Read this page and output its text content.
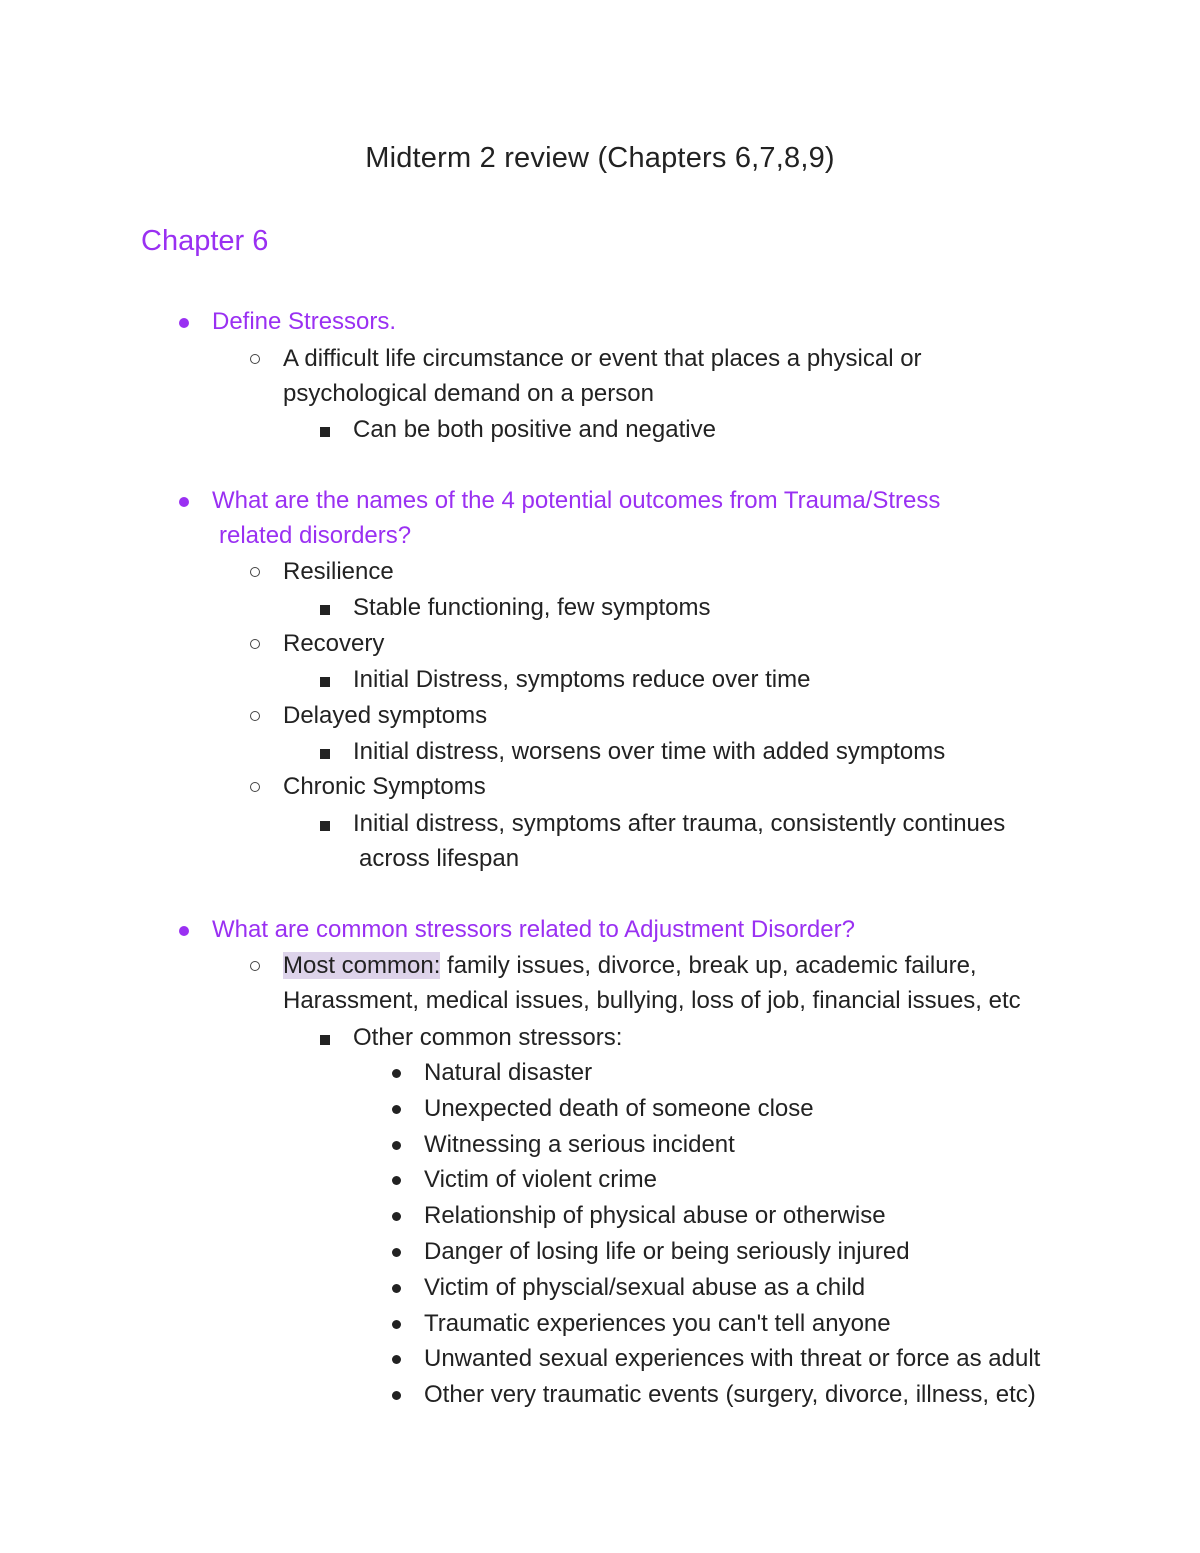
Midterm 2 review (Chapters 6,7,8,9)
Chapter 6
Define Stressors.
A difficult life circumstance or event that places a physical or
psychological demand on a person
Can be both positive and negative
What are the names of the 4 potential outcomes from Trauma/Stress
related disorders?
Resilience
Stable functioning, few symptoms
Recovery
Initial Distress, symptoms reduce over time
Delayed symptoms
Initial distress, worsens over time with added symptoms
Chronic Symptoms
Initial distress, symptoms after trauma, consistently continues
across lifespan
What are common stressors related to Adjustment Disorder?
Most common: family issues, divorce, break up, academic failure,
Harassment, medical issues, bullying, loss of job, financial issues, etc
Other common stressors:
Natural disaster
Unexpected death of someone close
Witnessing a serious incident
Victim of violent crime
Relationship of physical abuse or otherwise
Danger of losing life or being seriously injured
Victim of physcial/sexual abuse as a child
Traumatic experiences you can't tell anyone
Unwanted sexual experiences with threat or force as adult
Other very traumatic events (surgery, divorce, illness, etc)
